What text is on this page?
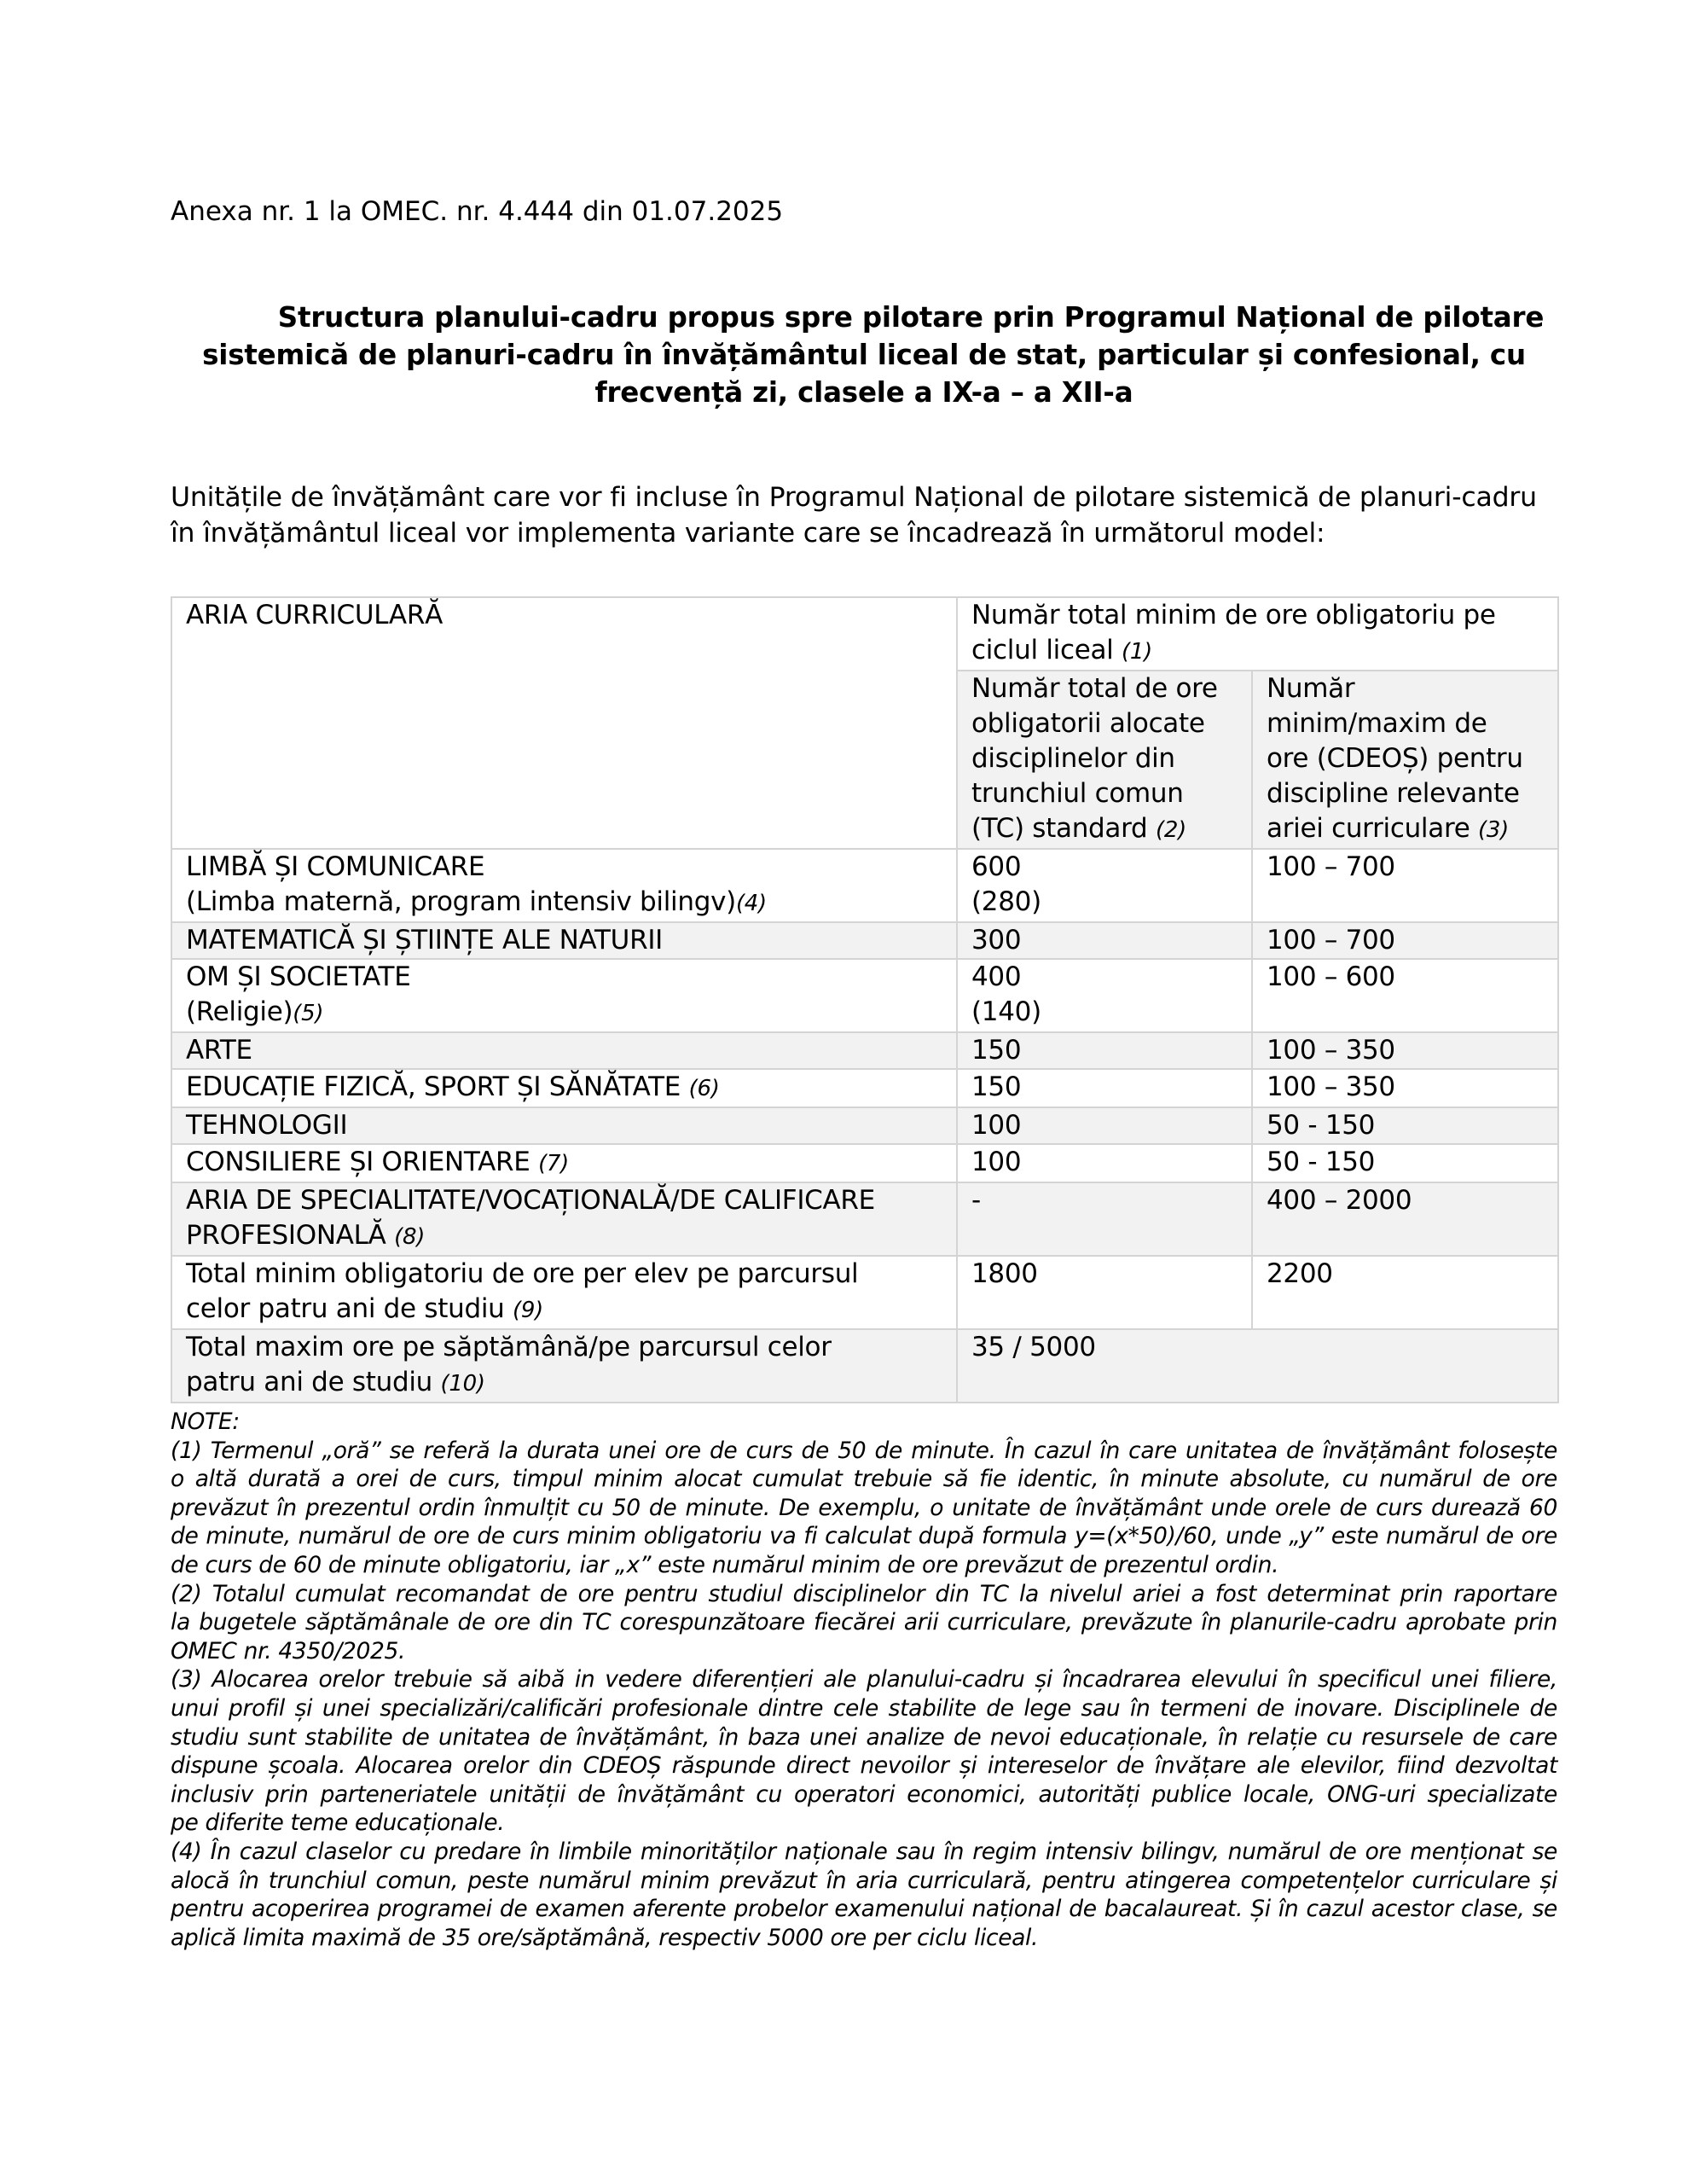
Anexa nr. 1 la OMEC. nr. 4.444 din 01.07.2025
Structura planului-cadru propus spre pilotare prin Programul Național de pilotare
sistemică de planuri-cadru în învățământul liceal de stat, particular și confesional, cu
frecvență zi, clasele a IX-a – a XII-a
Unitățile de învățământ care vor fi incluse în Programul Național de pilotare sistemică de planuri-cadru
în învățământul liceal vor implementa variante care se încadrează în următorul model:
ARIA CURRICULARĂ	Număr total minim de ore obligatoriu pe
ciclul liceal (1)	

	Număr total de ore
obligatorii alocate
disciplinelor din
trunchiul comun
(TC) standard (2)	Număr
minim/maxim de
ore (CDEOȘ) pentru
discipline relevante
ariei curriculare (3)

LIMBĂ ȘI COMUNICARE
(Limba maternă, program intensiv bilingv)(4)	600
(280)	100 – 700

MATEMATICĂ ȘI ȘTIINȚE ALE NATURII	300	100 – 700

OM ȘI SOCIETATE
(Religie)(5)	400
(140)	100 – 600

ARTE	150	100 – 350

EDUCAȚIE FIZICĂ, SPORT ȘI SĂNĂTATE (6)	150	100 – 350

TEHNOLOGII	100	50 - 150

CONSILIERE ȘI ORIENTARE (7)	100	50 - 150

ARIA DE SPECIALITATE/VOCAȚIONALĂ/DE CALIFICARE
PROFESIONALĂ (8)	-	400 – 2000

Total minim obligatoriu de ore per elev pe parcursul
celor patru ani de studiu (9)	1800	2200

Total maxim ore pe săptămână/pe parcursul celor
patru ani de studiu (10)	35 / 5000	
NOTE:
(1) Termenul „oră” se referă la durata unei ore de curs de 50 de minute. În cazul în care unitatea de învățământ folosește
o altă durată a orei de curs, timpul minim alocat cumulat trebuie să fie identic, în minute absolute, cu numărul de ore
prevăzut în prezentul ordin înmulțit cu 50 de minute. De exemplu, o unitate de învățământ unde orele de curs durează 60
de minute, numărul de ore de curs minim obligatoriu va fi calculat după formula y=(x*50)/60, unde „y” este numărul de ore
de curs de 60 de minute obligatoriu, iar „x” este numărul minim de ore prevăzut de prezentul ordin.
(2) Totalul cumulat recomandat de ore pentru studiul disciplinelor din TC la nivelul ariei a fost determinat prin raportare
la bugetele săptămânale de ore din TC corespunzătoare fiecărei arii curriculare, prevăzute în planurile-cadru aprobate prin
OMEC nr. 4350/2025.
(3) Alocarea orelor trebuie să aibă in vedere diferențieri ale planului-cadru și încadrarea elevului în specificul unei filiere,
unui profil și unei specializări/calificări profesionale dintre cele stabilite de lege sau în termeni de inovare. Disciplinele de
studiu sunt stabilite de unitatea de învățământ, în baza unei analize de nevoi educaționale, în relație cu resursele de care
dispune școala. Alocarea orelor din CDEOȘ răspunde direct nevoilor și intereselor de învățare ale elevilor, fiind dezvoltat
inclusiv prin parteneriatele unității de învățământ cu operatori economici, autorități publice locale, ONG-uri specializate
pe diferite teme educaționale.
(4) În cazul claselor cu predare în limbile minorităților naționale sau în regim intensiv bilingv, numărul de ore menționat se
alocă în trunchiul comun, peste numărul minim prevăzut în aria curriculară, pentru atingerea competențelor curriculare și
pentru acoperirea programei de examen aferente probelor examenului național de bacalaureat. Și în cazul acestor clase, se
aplică limita maximă de 35 ore/săptămână, respectiv 5000 ore per ciclu liceal.
